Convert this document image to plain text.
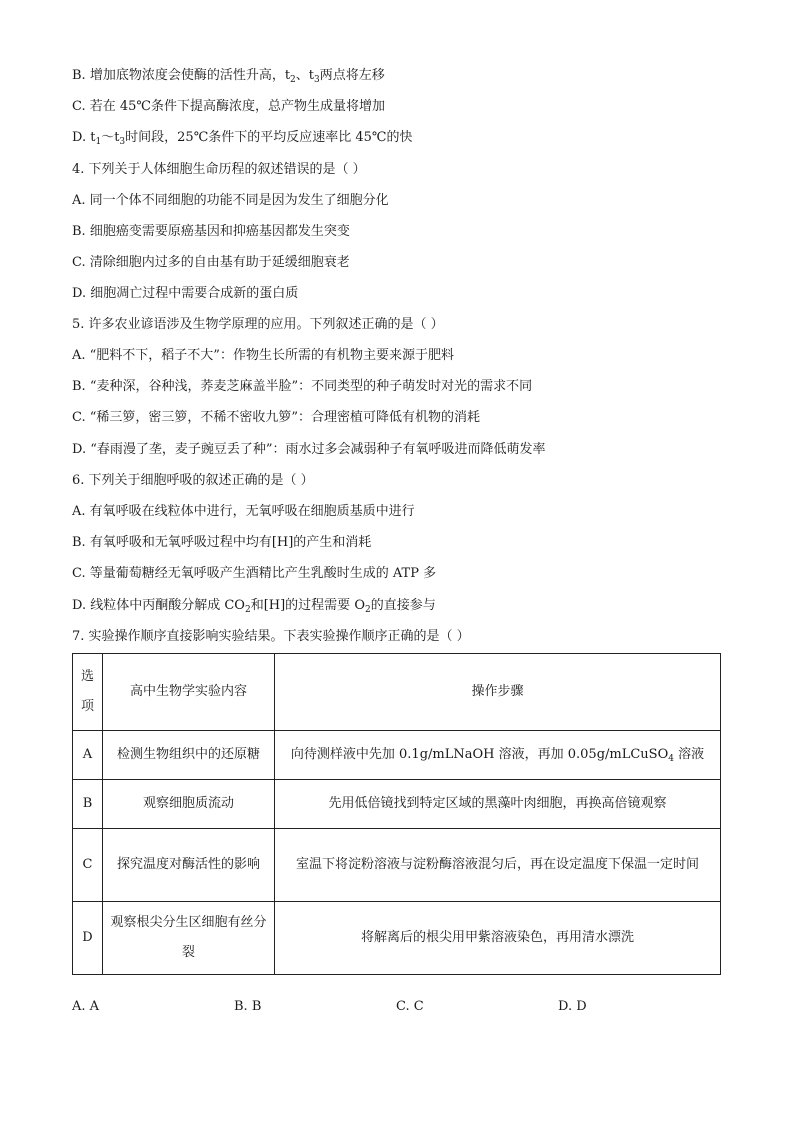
B. 增加底物浓度会使酶的活性升高，$t_2$、$t_3$两点将左移
C. 若在 45℃条件下提高酶浓度，总产物生成量将增加
D. $t_1\sim t_3$时间段，25℃条件下的平均反应速率比 45℃的快
4. 下列关于人体细胞生命历程的叙述错误的是（ ）
A. 同一个体不同细胞的功能不同是因为发生了细胞分化
B. 细胞癌变需要原癌基因和抑癌基因都发生突变
C. 清除细胞内过多的自由基有助于延缓细胞衰老
D. 细胞凋亡过程中需要合成新的蛋白质
5. 许多农业谚语涉及生物学原理的应用。下列叙述正确的是（ ）
A. “肥料不下，稻子不大”：作物生长所需的有机物主要来源于肥料
B. “麦种深，谷种浅，荞麦芝麻盖半脸”：不同类型的种子萌发时对光的需求不同
C. “稀三箩，密三箩，不稀不密收九箩”：合理密植可降低有机物的消耗
D. “春雨漫了垄，麦子豌豆丢了种”：雨水过多会减弱种子有氧呼吸进而降低萌发率
6. 下列关于细胞呼吸的叙述正确的是（ ）
A. 有氧呼吸在线粒体中进行，无氧呼吸在细胞质基质中进行
B. 有氧呼吸和无氧呼吸过程中均有[H]的产生和消耗
C. 等量葡萄糖经无氧呼吸产生酒精比产生乳酸时生成的 ATP 多
D. 线粒体中丙酮酸分解成 $CO_2$和[H]的过程需要 $O_2$的直接参与
7. 实验操作顺序直接影响实验结果。下表实验操作顺序正确的是（ ）
选项	高中生物学实验内容	操作步骤
A	检测生物组织中的还原糖	向待测样液中先加 0.1g/mLNaOH 溶液，再加 0.05g/mLCuSO$_4$ 溶液
B	观察细胞质流动	先用低倍镜找到特定区域的黑藻叶肉细胞，再换高倍镜观察
C	探究温度对酶活性的影响	室温下将淀粉溶液与淀粉酶溶液混匀后，再在设定温度下保温一定时间
D	观察根尖分生区细胞有丝分裂	将解离后的根尖用甲紫溶液染色，再用清水漂洗
A. A	B. B	C. C	D. D
